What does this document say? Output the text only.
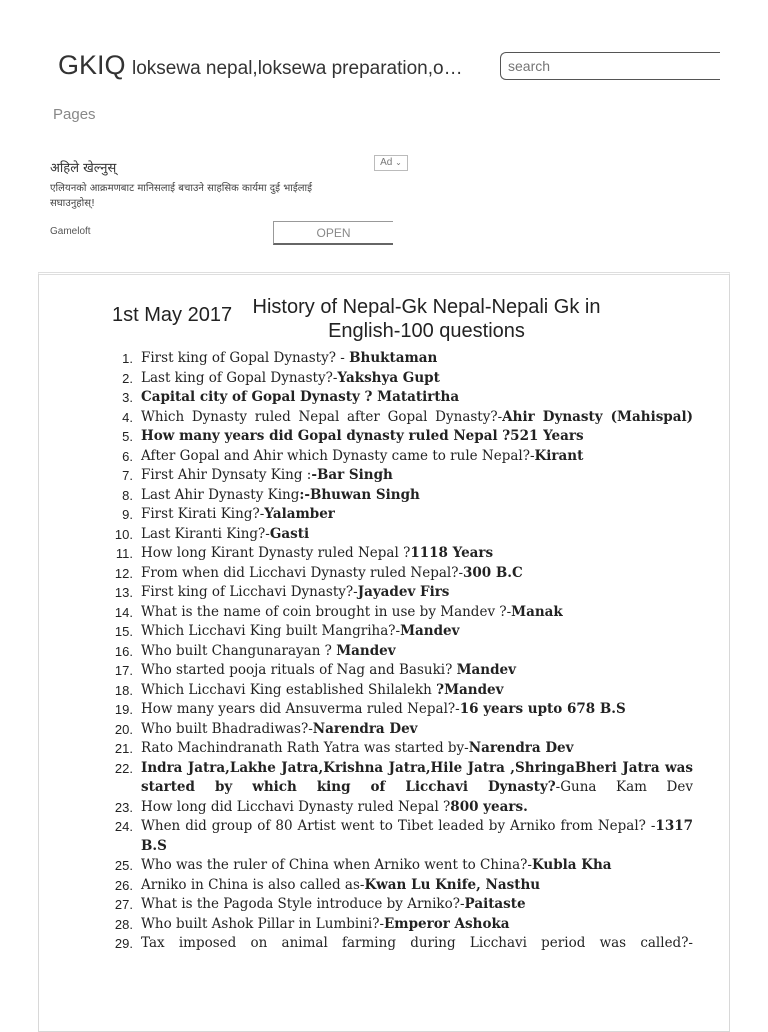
GKIQ loksewa nepal,loksewa preparation,o…
search
Pages
अहिले खेल्नुस्	Ad ⌄
एलियनको आक्रमणबाट मानिसलाई बचाउने साहसिक कार्यमा दुई भाईलाई सघाउनुहोस्!
Gameloft	OPEN
1st May 2017	History of Nepal-Gk Nepal-Nepali Gk in English-100 questions
1. First king of Gopal Dynasty? - Bhuktaman
2. Last king of Gopal Dynasty?-Yakshya Gupt
3. Capital city of Gopal Dynasty ? Matatirtha
4. Which Dynasty ruled Nepal after Gopal Dynasty?-Ahir Dynasty (Mahispal)
5. How many years did Gopal dynasty ruled Nepal ?521 Years
6. After Gopal and Ahir which Dynasty came to rule Nepal?-Kirant
7. First Ahir Dynsaty King :-Bar Singh
8. Last Ahir Dynasty King:-Bhuwan Singh
9. First Kirati King?-Yalamber
10. Last Kiranti King?-Gasti
11. How long Kirant Dynasty ruled Nepal ?1118 Years
12. From when did Licchavi Dynasty ruled Nepal?-300 B.C
13. First king of Licchavi Dynasty?-Jayadev Firs
14. What is the name of coin brought in use by Mandev ?-Manak
15. Which Licchavi King built Mangriha?-Mandev
16. Who built Changunarayan ? Mandev
17. Who started pooja rituals of Nag and Basuki? Mandev
18. Which Licchavi King established Shilalekh ?Mandev
19. How many years did Ansuverma ruled Nepal?-16 years upto 678 B.S
20. Who built Bhadradiwas?-Narendra Dev
21. Rato Machindranath Rath Yatra was started by-Narendra Dev
22. Indra Jatra,Lakhe Jatra,Krishna Jatra,Hile Jatra ,ShringaBheri Jatra was started by which king of Licchavi Dynasty?-Guna Kam Dev
23. How long did Licchavi Dynasty ruled Nepal ?800 years.
24. When did group of 80 Artist went to Tibet leaded by Arniko from Nepal? -1317 B.S
25. Who was the ruler of China when Arniko went to China?-Kubla Kha
26. Arniko in China is also called as-Kwan Lu Knife, Nasthu
27. What is the Pagoda Style introduce by Arniko?-Paitaste
28. Who built Ashok Pillar in Lumbini?-Emperor Ashoka
29. Tax imposed on animal farming during Licchavi period was called?-
